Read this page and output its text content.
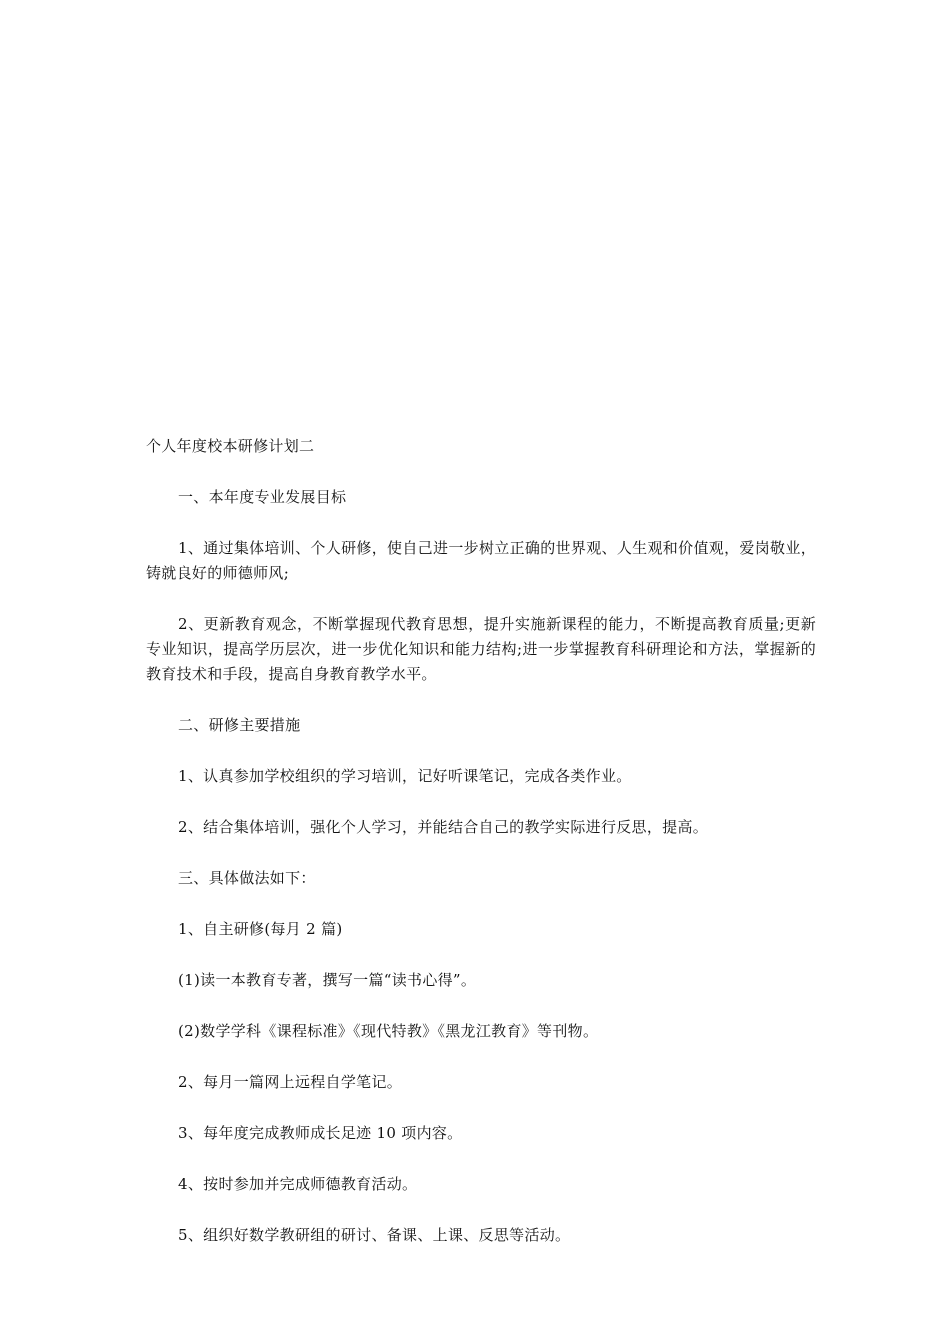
个人年度校本研修计划二

一、本年度专业发展目标

1、通过集体培训、个人研修，使自己进一步树立正确的世界观、人生观和价值观，爱岗敬业，铸就良好的师德师风;

2、更新教育观念，不断掌握现代教育思想，提升实施新课程的能力，不断提高教育质量;更新专业知识，提高学历层次，进一步优化知识和能力结构;进一步掌握教育科研理论和方法，掌握新的教育技术和手段，提高自身教育教学水平。

二、研修主要措施

1、认真参加学校组织的学习培训，记好听课笔记，完成各类作业。

2、结合集体培训，强化个人学习，并能结合自己的教学实际进行反思，提高。

三、具体做法如下：

1、自主研修(每月 2 篇)

(1)读一本教育专著，撰写一篇“读书心得”。

(2)数学学科《课程标准》《现代特教》《黑龙江教育》等刊物。

2、每月一篇网上远程自学笔记。

3、每年度完成教师成长足迹 10 项内容。

4、按时参加并完成师德教育活动。

5、组织好数学教研组的研讨、备课、上课、反思等活动。
